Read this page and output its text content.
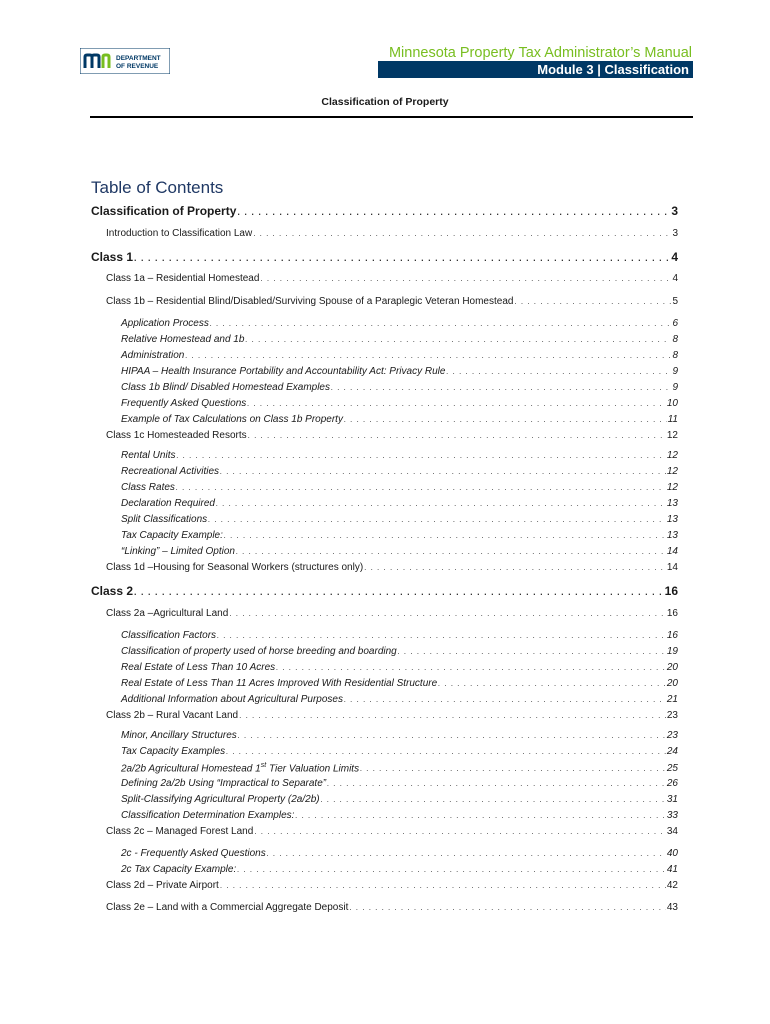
DEPARTMENT
OF REVENUE
Minnesota Property Tax Administrator’s Manual
Module 3 | Classification
Classification of Property
Table of Contents
Classification of Property . . .	3
Introduction to Classification Law . . .	3
Class 1 . . .	4
Class 1a – Residential Homestead . . .	4
Class 1b – Residential Blind/Disabled/Surviving Spouse of a Paraplegic Veteran Homestead . . .	5
Application Process . . .	6
Relative Homestead and 1b . . .	8
Administration . . .	8
HIPAA – Health Insurance Portability and Accountability Act: Privacy Rule . . .	9
Class 1b Blind/ Disabled Homestead Examples . . .	9
Frequently Asked Questions . . .	10
Example of Tax Calculations on Class 1b Property . . .	11
Class 1c Homesteaded Resorts . . .	12
Rental Units . . .	12
Recreational Activities . . .	12
Class Rates . . .	12
Declaration Required . . .	13
Split Classifications . . .	13
Tax Capacity Example: . . .	13
“Linking” – Limited Option . . .	14
Class 1d –Housing for Seasonal Workers (structures only) . . .	14
Class 2 . . .	16
Class 2a –Agricultural Land . . .	16
Classification Factors . . .	16
Classification of property used of horse breeding and boarding . . .	19
Real Estate of Less Than 10 Acres . . .	20
Real Estate of Less Than 11 Acres Improved With Residential Structure . . .	20
Additional Information about Agricultural Purposes . . .	21
Class 2b – Rural Vacant Land . . .	23
Minor, Ancillary Structures . . .	23
Tax Capacity Examples . . .	24
2a/2b Agricultural Homestead 1st Tier Valuation Limits . . .	25
Defining 2a/2b Using “Impractical to Separate” . . .	26
Split-Classifying Agricultural Property (2a/2b) . . .	31
Classification Determination Examples: . . .	33
Class 2c – Managed Forest Land . . .	34
2c - Frequently Asked Questions . . .	40
2c Tax Capacity Example: . . .	41
Class 2d – Private Airport . . .	42
Class 2e – Land with a Commercial Aggregate Deposit . . .	43
